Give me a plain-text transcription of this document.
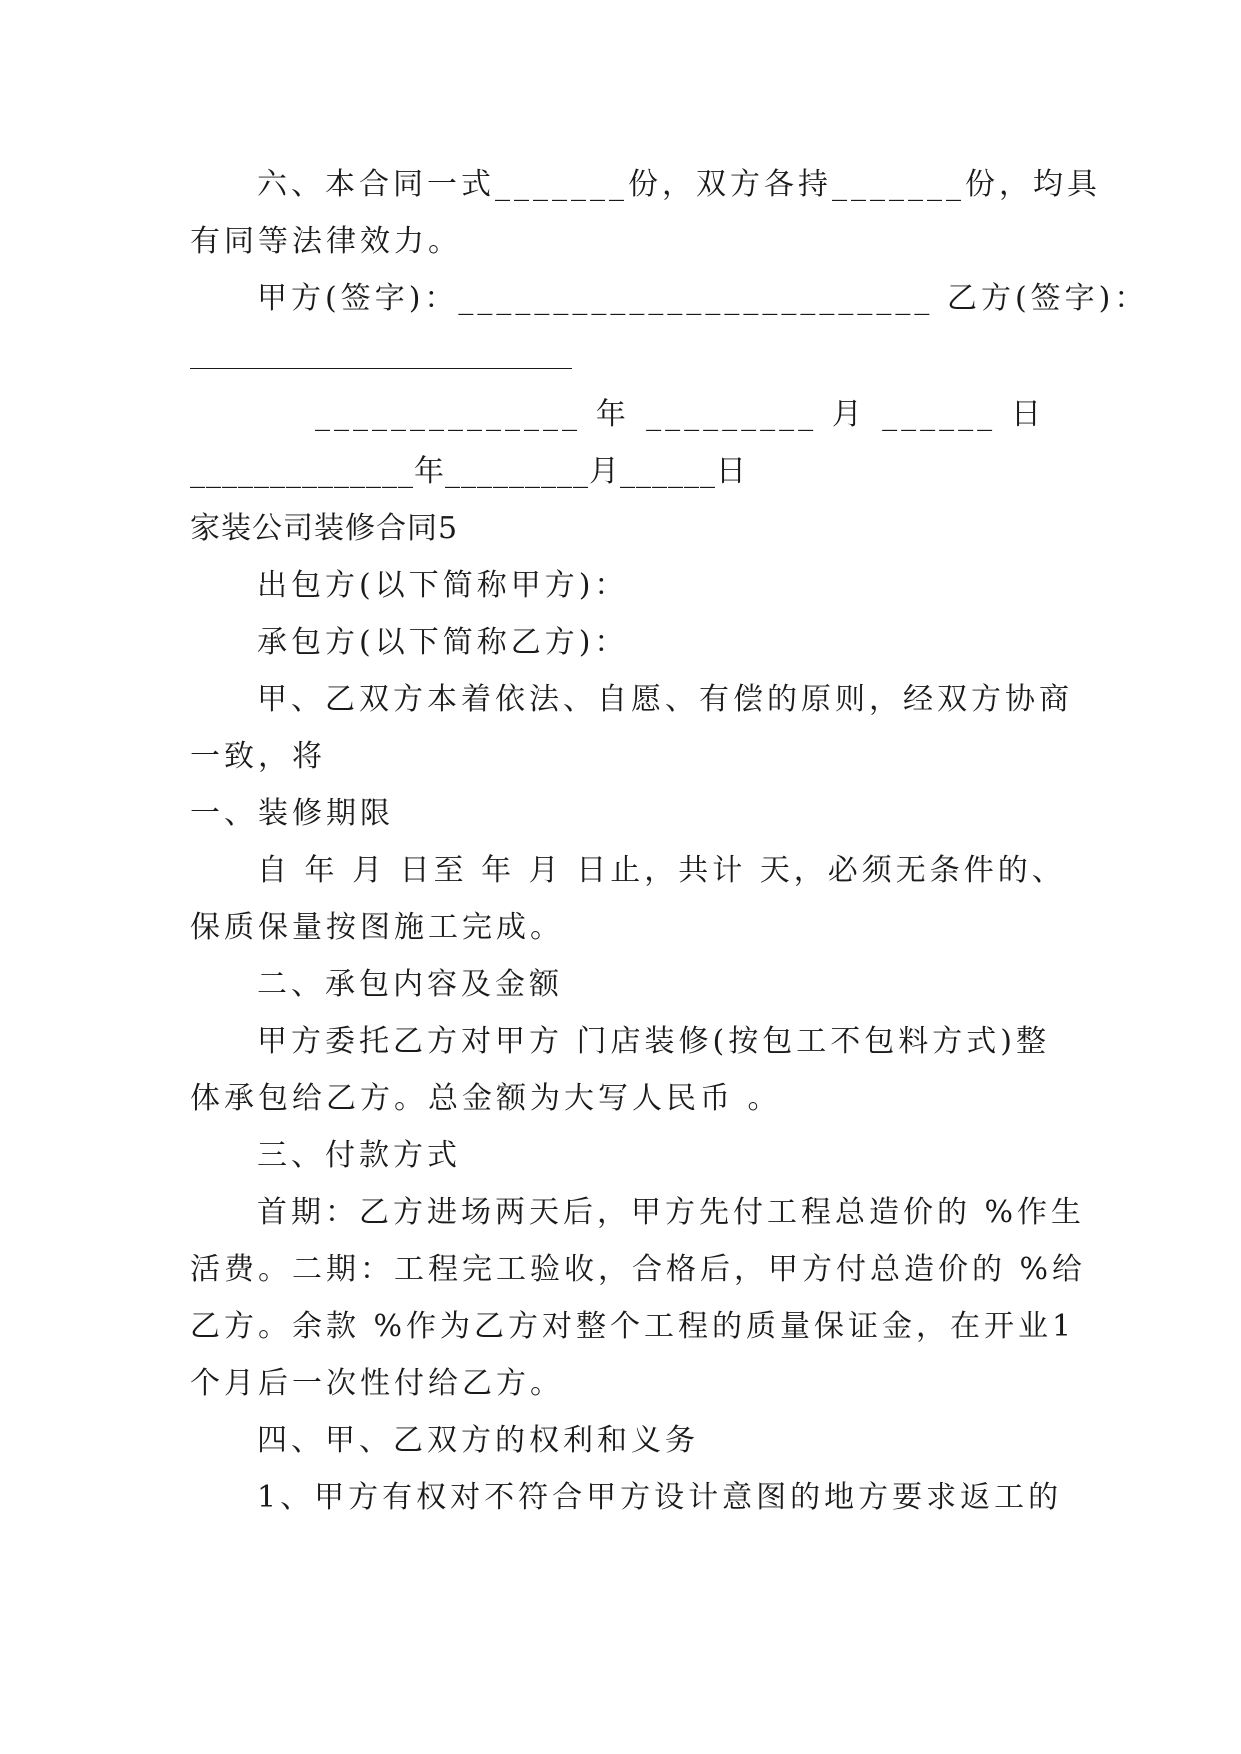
六、本合同一式_______份，双方各持_______份，均具
有同等法律效力。
甲方(签字)：_________________________ 乙方(签字)：
______________ 年 _________ 月 ______ 日
______________年_________月______日
家装公司装修合同5
出包方(以下简称甲方)：
承包方(以下简称乙方)：
甲、乙双方本着依法、自愿、有偿的原则，经双方协商
一致，将
一、装修期限
自 年 月 日至 年 月 日止，共计 天，必须无条件的、
保质保量按图施工完成。
二、承包内容及金额
甲方委托乙方对甲方 门店装修(按包工不包料方式)整
体承包给乙方。总金额为大写人民币 。
三、付款方式
首期：乙方进场两天后，甲方先付工程总造价的 %作生
活费。二期：工程完工验收，合格后，甲方付总造价的 %给
乙方。余款 %作为乙方对整个工程的质量保证金，在开业1
个月后一次性付给乙方。
四、甲、乙双方的权利和义务
1、甲方有权对不符合甲方设计意图的地方要求返工的
